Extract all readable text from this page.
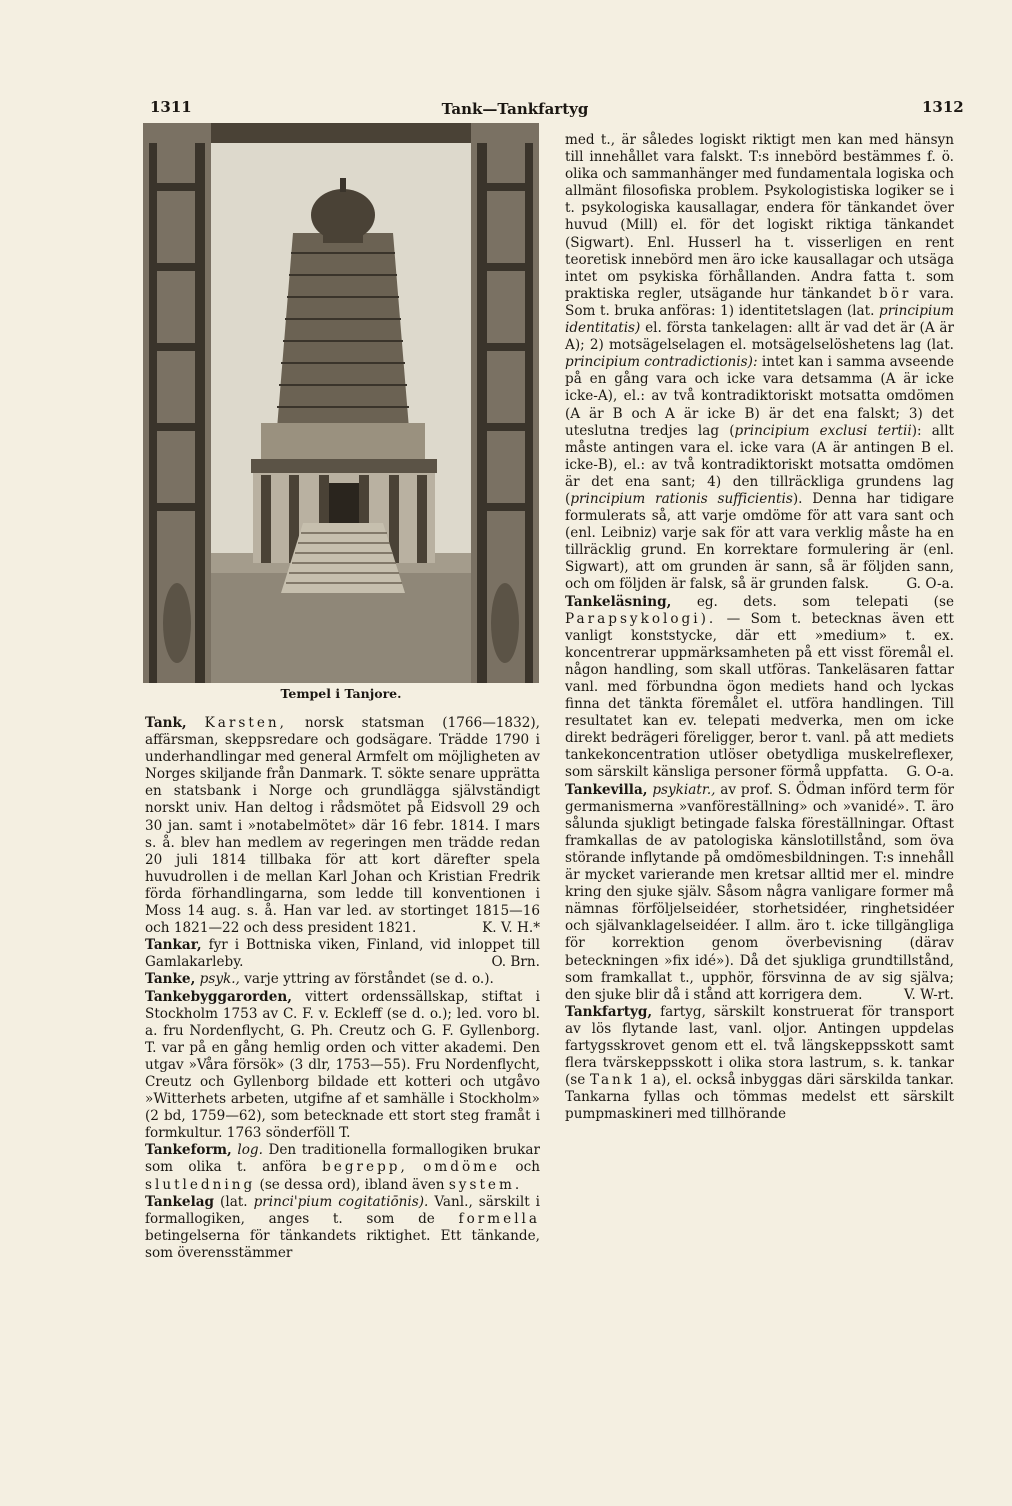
1311	Tank—Tankfartyg	1312
Tempel i Tanjore.

Tank, Karsten, norsk statsman (1766—1832), affärsman, skeppsredare och godsägare. Trädde 1790 i underhandlingar med general Armfelt om möjligheten av Norges skiljande från Danmark. T. sökte senare upprätta en statsbank i Norge och grundlägga självständigt norskt univ. Han deltog i rådsmötet på Eidsvoll 29 och 30 jan. samt i »notabelmötet» där 16 febr. 1814. I mars s. å. blev han medlem av regeringen men trädde redan 20 juli 1814 tillbaka för att kort därefter spela huvudrollen i de mellan Karl Johan och Kristian Fredrik förda förhandlingarna, som ledde till konventionen i Moss 14 aug. s. å. Han var led. av stortinget 1815—16 och 1821—22 och dess president 1821.	K. V. H.*

Tankar, fyr i Bottniska viken, Finland, vid inloppet till Gamlakarleby.	O. Brn.

Tanke, psyk., varje yttring av förståndet (se d. o.).

Tankebyggarorden, vittert ordenssällskap, stiftat i Stockholm 1753 av C. F. v. Eckleff (se d. o.); led. voro bl. a. fru Nordenflycht, G. Ph. Creutz och G. F. Gyllenborg. T. var på en gång hemlig orden och vitter akademi. Den utgav »Våra försök» (3 dlr, 1753—55). Fru Nordenflycht, Creutz och Gyllenborg bildade ett kotteri och utgåvo »Witterhets arbeten, utgifne af et samhälle i Stockholm» (2 bd, 1759—62), som betecknade ett stort steg framåt i formkultur. 1763 sönderföll T.

Tankeform, log. Den traditionella formallogiken brukar som olika t. anföra begrepp, omdöme och slutledning (se dessa ord), ibland även system.

Tankelag (lat. princi'pium cogitatiōnis). Vanl., särskilt i formallogiken, anges t. som de formella betingelserna för tänkandets riktighet. Ett tänkande, som överensstämmer

med t., är således logiskt riktigt men kan med hänsyn till innehållet vara falskt. T:s innebörd bestämmes f. ö. olika och sammanhänger med fundamentala logiska och allmänt filosofiska problem. Psykologistiska logiker se i t. psykologiska kausallagar, endera för tänkandet över huvud (Mill) el. för det logiskt riktiga tänkandet (Sigwart). Enl. Husserl ha t. visserligen en rent teoretisk innebörd men äro icke kausallagar och utsäga intet om psykiska förhållanden. Andra fatta t. som praktiska regler, utsägande hur tänkandet bör vara. Som t. bruka anföras: 1) identitetslagen (lat. principium identitatis) el. första tankelagen: allt är vad det är (A är A); 2) motsägelselagen el. motsägelselöshetens lag (lat. principium contradictionis): intet kan i samma avseende på en gång vara och icke vara detsamma (A är icke icke-A), el.: av två kontradiktoriskt motsatta omdömen (A är B och A är icke B) är det ena falskt; 3) det uteslutna tredjes lag (principium exclusi tertii): allt måste antingen vara el. icke vara (A är antingen B el. icke-B), el.: av två kontradiktoriskt motsatta omdömen är det ena sant; 4) den tillräckliga grundens lag (principium rationis sufficientis). Denna har tidigare formulerats så, att varje omdöme för att vara sant och (enl. Leibniz) varje sak för att vara verklig måste ha en tillräcklig grund. En korrektare formulering är (enl. Sigwart), att om grunden är sann, så är följden sann, och om följden är falsk, så är grunden falsk.	G. O-a.

Tankeläsning, eg. dets. som telepati (se Parapsykologi). — Som t. betecknas även ett vanligt konststycke, där ett »medium» t. ex. koncentrerar uppmärksamheten på ett visst föremål el. någon handling, som skall utföras. Tankeläsaren fattar vanl. med förbundna ögon mediets hand och lyckas finna det tänkta föremålet el. utföra handlingen. Till resultatet kan ev. telepati medverka, men om icke direkt bedrägeri föreligger, beror t. vanl. på att mediets tankekoncentration utlöser obetydliga muskelreflexer, som särskilt känsliga personer förmå uppfatta. G. O-a.

Tankevilla, psykiatr., av prof. S. Ödman införd term för germanismerna »vanföreställning» och »vanidé». T. äro sålunda sjukligt betingade falska föreställningar. Oftast framkallas de av patologiska känslotillstånd, som öva störande inflytande på omdömesbildningen. T:s innehåll är mycket varierande men kretsar alltid mer el. mindre kring den sjuke själv. Såsom några vanligare former må nämnas förföljelseidéer, storhetsidéer, ringhetsidéer och självanklagelseidéer. I allm. äro t. icke tillgängliga för korrektion genom överbevisning (därav beteckningen »fix idé»). Då det sjukliga grundtillstånd, som framkallat t., upphör, försvinna de av sig själva; den sjuke blir då i stånd att korrigera dem.	V. W-rt.

Tankfartyg, fartyg, särskilt konstruerat för transport av lös flytande last, vanl. oljor. Antingen uppdelas fartygsskrovet genom ett el. två längskeppsskott samt flera tvärskeppsskott i olika stora lastrum, s. k. tankar (se Tank 1 a), el. också inbyggas däri särskilda tankar. Tankarna fyllas och tömmas medelst ett särskilt pumpmaskineri med tillhörande
